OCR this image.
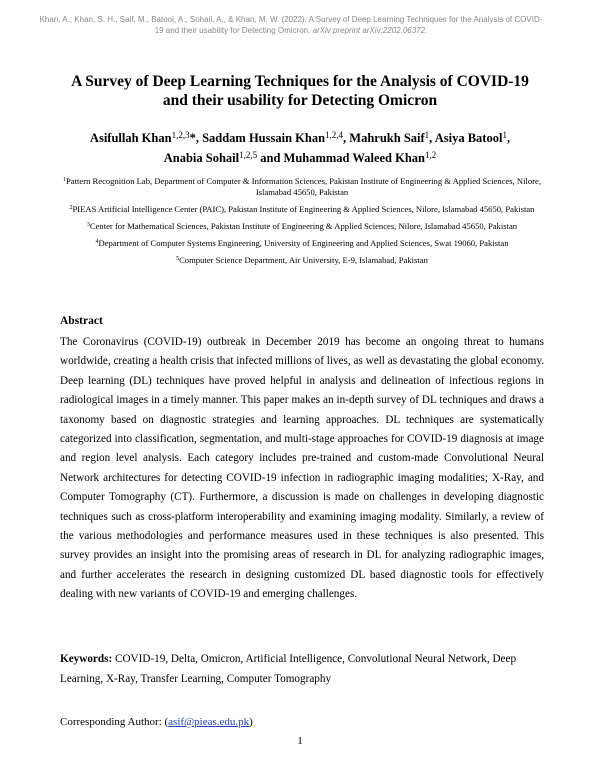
Khan, A., Khan, S. H., Saif, M., Batool, A., Sohail, A., & Khan, M. W. (2022). A Survey of Deep Learning Techniques for the Analysis of COVID-
19 and their usability for Detecting Omicron. arXiv preprint arXiv:2202.06372.
A Survey of Deep Learning Techniques for the Analysis of COVID-19
and their usability for Detecting Omicron
Asifullah Khan$^{1,2,3}$*, Saddam Hussain Khan$^{1,2,4}$, Mahrukh Saif$^1$, Asiya Batool$^1$,
Anabia Sohail$^{1,2,5}$ and Muhammad Waleed Khan$^{1,2}$
$^1$Pattern Recognition Lab, Department of Computer & Information Sciences, Pakistan Institute of Engineering & Applied Sciences, Nilore, Islamabad 45650, Pakistan
$^2$PIEAS Artificial Intelligence Center (PAIC), Pakistan Institute of Engineering & Applied Sciences, Nilore, Islamabad 45650, Pakistan
$^3$Center for Mathematical Sciences, Pakistan Institute of Engineering & Applied Sciences, Nilore, Islamabad 45650, Pakistan
$^4$Department of Computer Systems Engineering, University of Engineering and Applied Sciences, Swat 19060, Pakistan
$^5$Computer Science Department, Air University, E-9, Islamabad, Pakistan
Abstract
The Coronavirus (COVID-19) outbreak in December 2019 has become an ongoing threat to humans worldwide, creating a health crisis that infected millions of lives, as well as devastating the global economy. Deep learning (DL) techniques have proved helpful in analysis and delineation of infectious regions in radiological images in a timely manner. This paper makes an in-depth survey of DL techniques and draws a taxonomy based on diagnostic strategies and learning approaches. DL techniques are systematically categorized into classification, segmentation, and multi-stage approaches for COVID-19 diagnosis at image and region level analysis. Each category includes pre-trained and custom-made Convolutional Neural Network architectures for detecting COVID-19 infection in radiographic imaging modalities; X-Ray, and Computer Tomography (CT). Furthermore, a discussion is made on challenges in developing diagnostic techniques such as cross-platform interoperability and examining imaging modality. Similarly, a review of the various methodologies and performance measures used in these techniques is also presented. This survey provides an insight into the promising areas of research in DL for analyzing radiographic images, and further accelerates the research in designing customized DL based diagnostic tools for effectively dealing with new variants of COVID-19 and emerging challenges.
Keywords: COVID-19, Delta, Omicron, Artificial Intelligence, Convolutional Neural Network, Deep Learning, X-Ray, Transfer Learning, Computer Tomography
Corresponding Author: (asif@pieas.edu.pk)
1
